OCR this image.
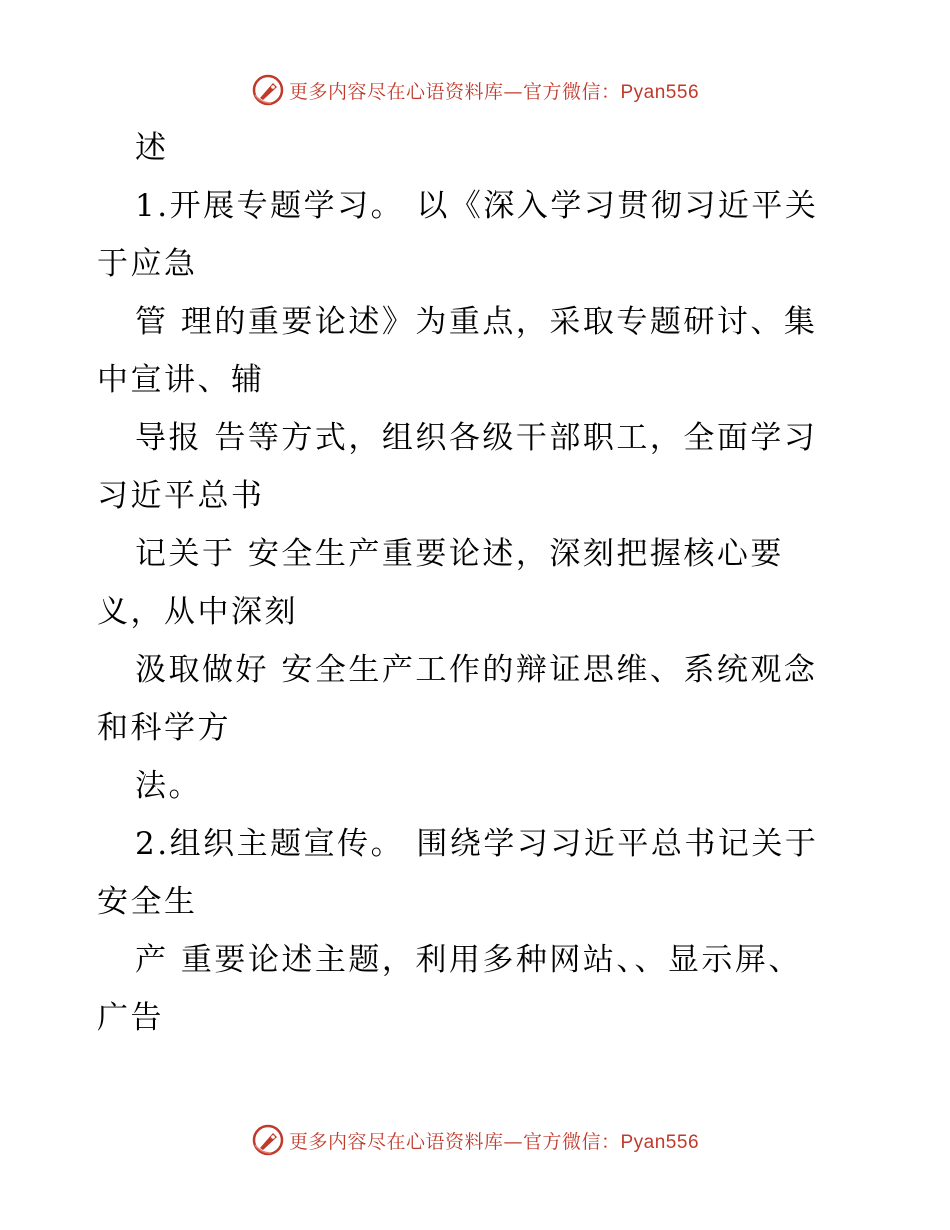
更多内容尽在心语资料库—官方微信：Pyan556
述
1.开展专题学习。 以《深入学习贯彻习近平关
于应急
管 理的重要论述》为重点，采取专题研讨、集
中宣讲、辅
导报 告等方式，组织各级干部职工，全面学习
习近平总书
记关于 安全生产重要论述，深刻把握核心要
义，从中深刻
汲取做好 安全生产工作的辩证思维、系统观念
和科学方
法。
2.组织主题宣传。 围绕学习习近平总书记关于
安全生
产 重要论述主题，利用多种网站、、显示屏、
广告
更多内容尽在心语资料库—官方微信：Pyan556
